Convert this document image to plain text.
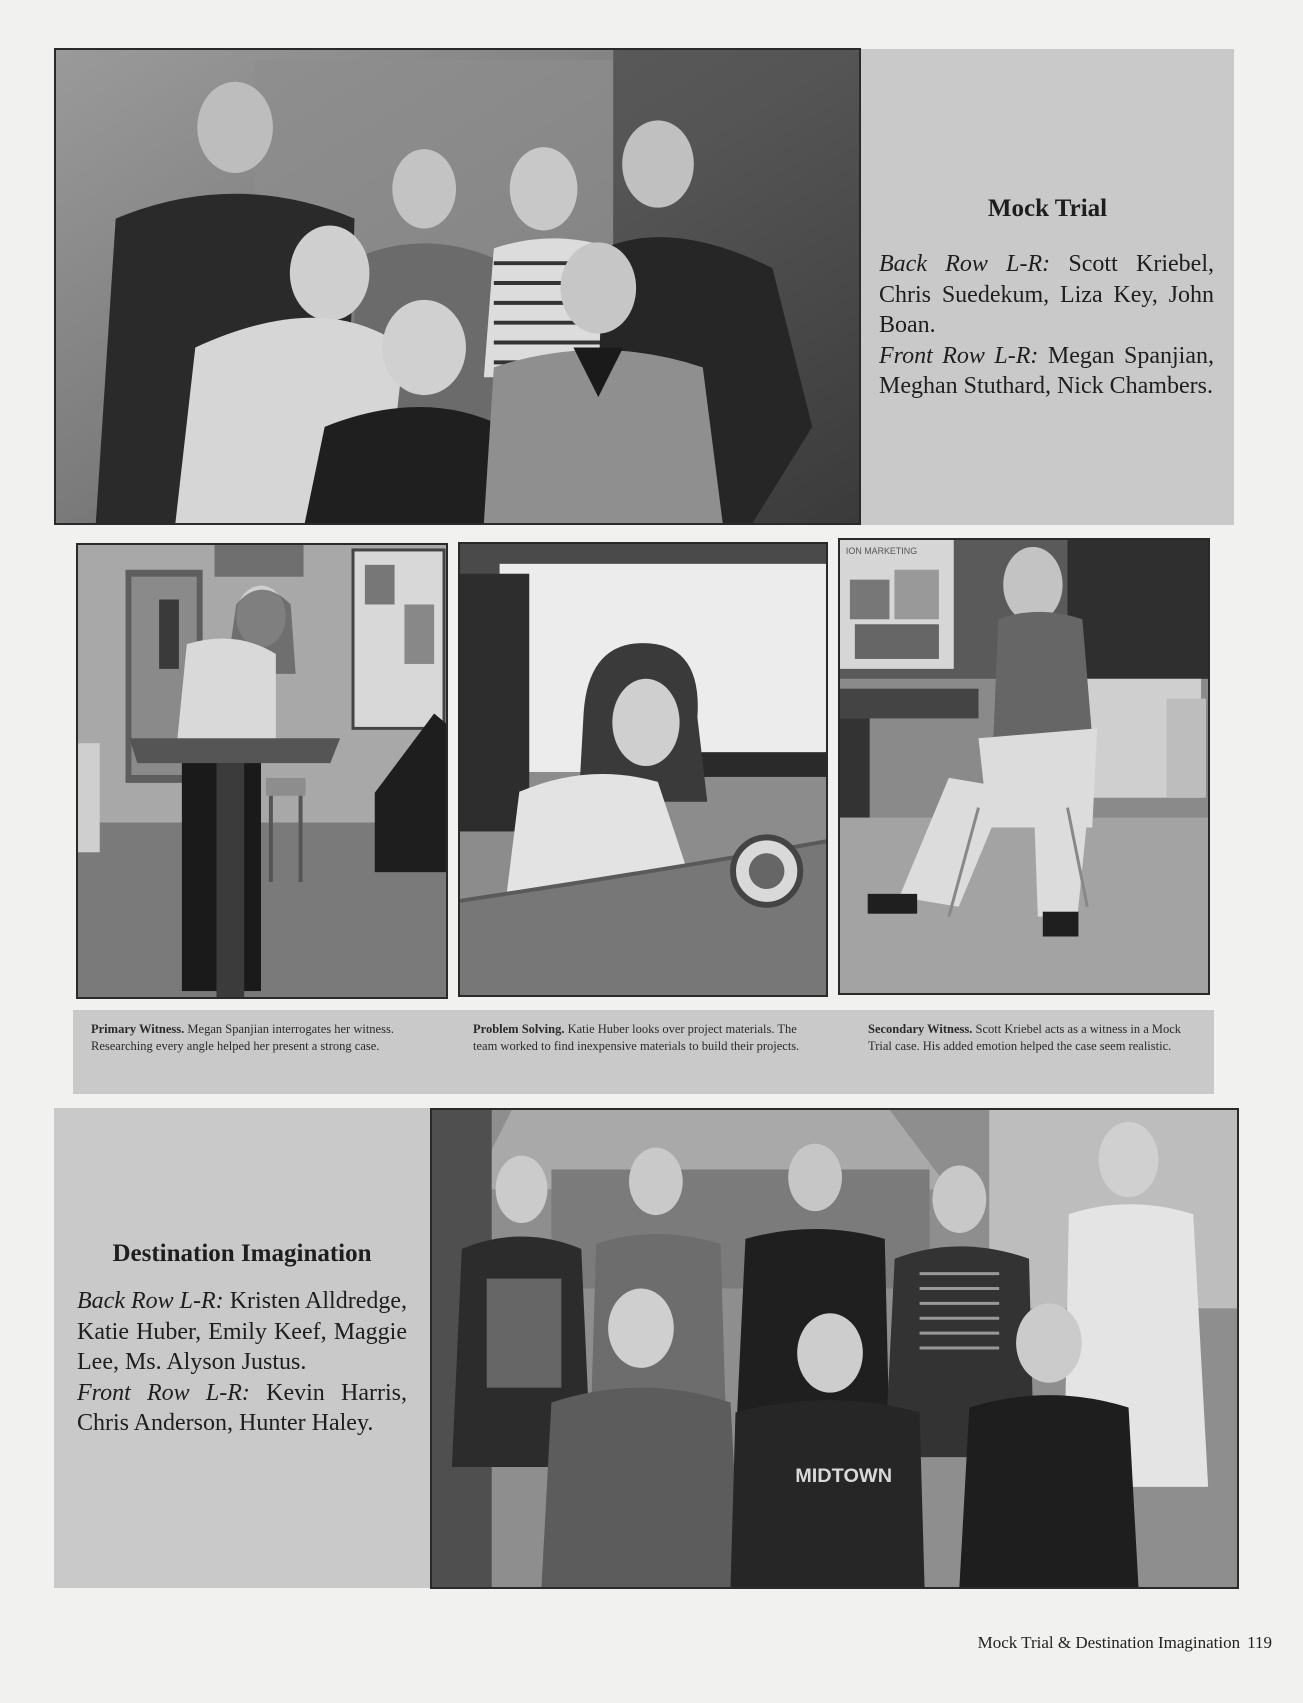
Mock Trial

Back Row L-R: Scott Kriebel, Chris Suedekum, Liza Key, John Boan.
Front Row L-R: Megan Spanjian, Meghan Stuthard, Nick Chambers.

ION MARKETING
Primary Witness. Megan Spanjian interrogates her witness. Researching every angle helped her present a strong case.
Problem Solving. Katie Huber looks over project materials. The team worked to find inexpensive materials to build their projects.
Secondary Witness. Scott Kriebel acts as a witness in a Mock Trial case. His added emotion helped the case seem realistic.
Destination Imagination

Back Row L-R: Kristen Alldredge, Katie Huber, Emily Keef, Maggie Lee, Ms. Alyson Justus.
Front Row L-R: Kevin Harris, Chris Anderson, Hunter Haley.

MIDTOWN
Mock Trial & Destination Imagination 119
